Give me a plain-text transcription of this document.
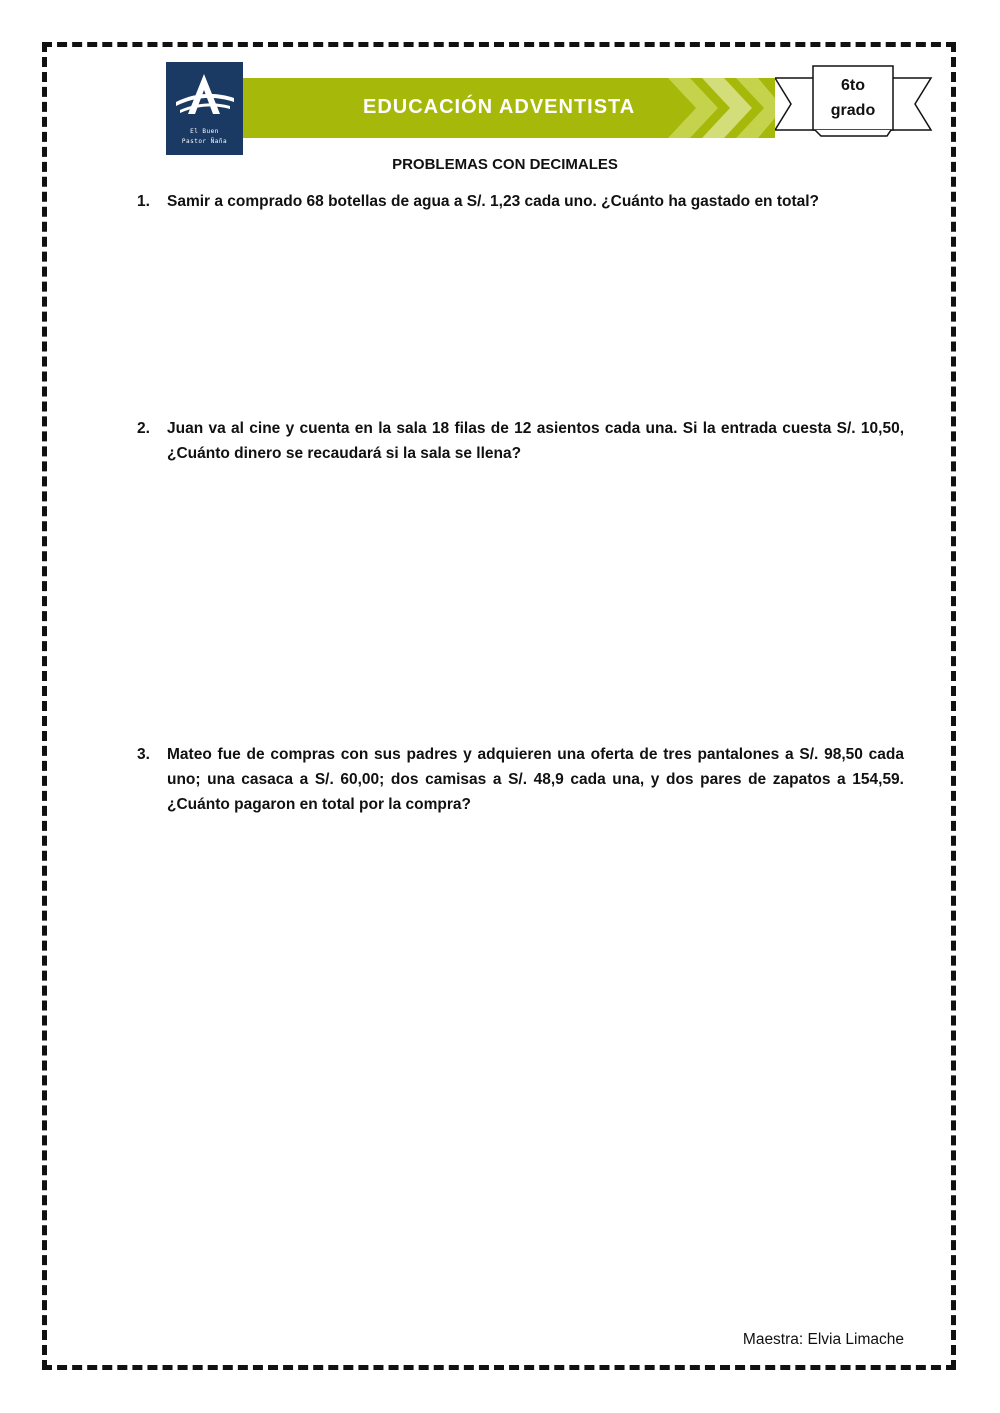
El Buen
Pastor Ñaña
EDUCACIÓN ADVENTISTA
6to
grado
PROBLEMAS CON DECIMALES
1.	Samir a comprado 68 botellas de agua a S/. 1,23 cada uno. ¿Cuánto ha gastado en total?
2.	Juan va al cine y cuenta en la sala 18 filas de 12 asientos cada una. Si la entrada cuesta S/. 10,50, ¿Cuánto dinero se recaudará si la sala se llena?
3.	Mateo fue de compras con sus padres y adquieren una oferta de tres pantalones a S/. 98,50 cada uno; una casaca a S/. 60,00; dos camisas a S/. 48,9 cada una, y dos pares de zapatos a 154,59. ¿Cuánto pagaron en total por la compra?
Maestra: Elvia Limache
